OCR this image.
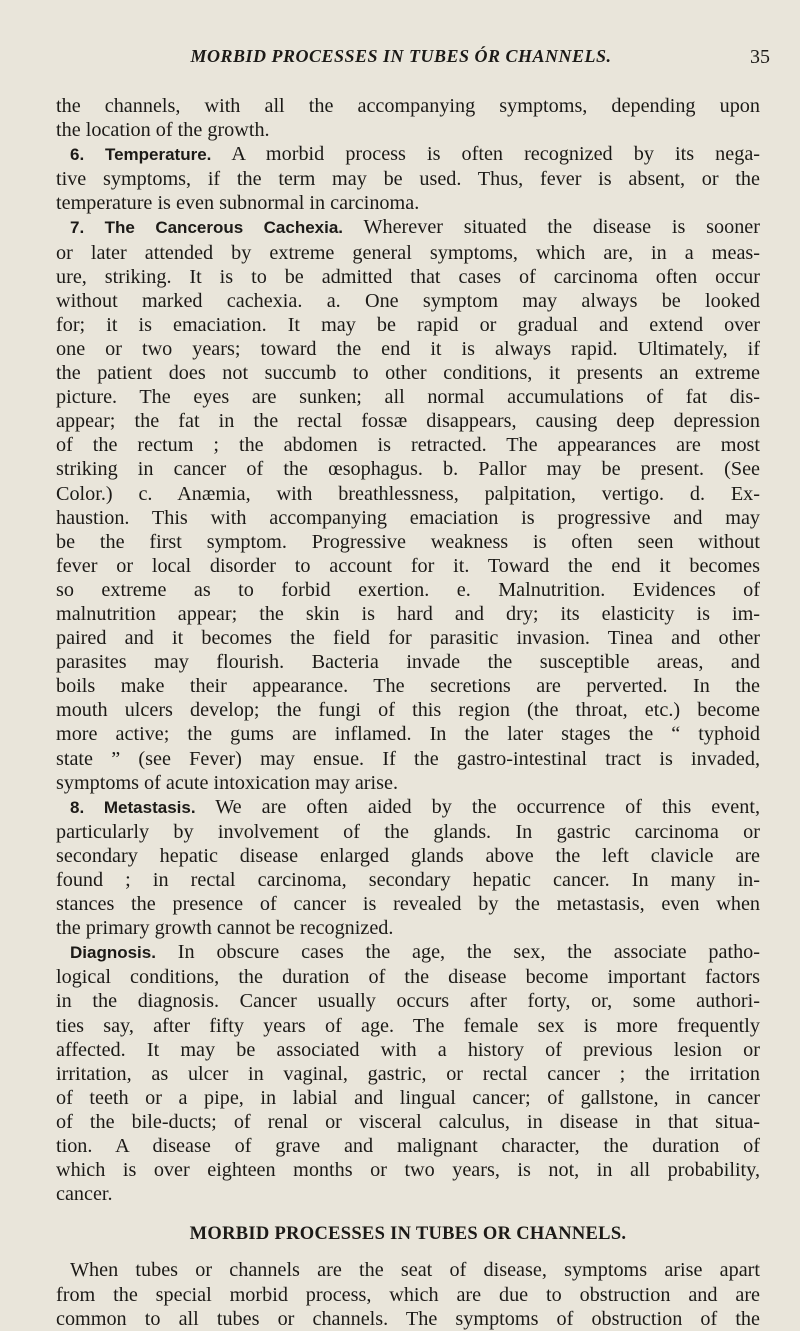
MORBID PROCESSES IN TUBES ÓR CHANNELS.	35
the channels, with all the accompanying symptoms, depending upon
the location of the growth.
6. Temperature. A morbid process is often recognized by its nega-
tive symptoms, if the term may be used. Thus, fever is absent, or the
temperature is even subnormal in carcinoma.
7. The Cancerous Cachexia. Wherever situated the disease is sooner
or later attended by extreme general symptoms, which are, in a meas-
ure, striking. It is to be admitted that cases of carcinoma often occur
without marked cachexia. a. One symptom may always be looked
for; it is emaciation. It may be rapid or gradual and extend over
one or two years; toward the end it is always rapid. Ultimately, if
the patient does not succumb to other conditions, it presents an extreme
picture. The eyes are sunken; all normal accumulations of fat dis-
appear; the fat in the rectal fossæ disappears, causing deep depression
of the rectum ; the abdomen is retracted. The appearances are most
striking in cancer of the œsophagus. b. Pallor may be present. (See
Color.) c. Anæmia, with breathlessness, palpitation, vertigo. d. Ex-
haustion. This with accompanying emaciation is progressive and may
be the first symptom. Progressive weakness is often seen without
fever or local disorder to account for it. Toward the end it becomes
so extreme as to forbid exertion. e. Malnutrition. Evidences of
malnutrition appear; the skin is hard and dry; its elasticity is im-
paired and it becomes the field for parasitic invasion. Tinea and other
parasites may flourish. Bacteria invade the susceptible areas, and
boils make their appearance. The secretions are perverted. In the
mouth ulcers develop; the fungi of this region (the throat, etc.) become
more active; the gums are inflamed. In the later stages the “ typhoid
state ” (see Fever) may ensue. If the gastro-intestinal tract is invaded,
symptoms of acute intoxication may arise.
8. Metastasis. We are often aided by the occurrence of this event,
particularly by involvement of the glands. In gastric carcinoma or
secondary hepatic disease enlarged glands above the left clavicle are
found ; in rectal carcinoma, secondary hepatic cancer. In many in-
stances the presence of cancer is revealed by the metastasis, even when
the primary growth cannot be recognized.
Diagnosis. In obscure cases the age, the sex, the associate patho-
logical conditions, the duration of the disease become important factors
in the diagnosis. Cancer usually occurs after forty, or, some authori-
ties say, after fifty years of age. The female sex is more frequently
affected. It may be associated with a history of previous lesion or
irritation, as ulcer in vaginal, gastric, or rectal cancer ; the irritation
of teeth or a pipe, in labial and lingual cancer; of gallstone, in cancer
of the bile-ducts; of renal or visceral calculus, in disease in that situa-
tion. A disease of grave and malignant character, the duration of
which is over eighteen months or two years, is not, in all probability,
cancer.
MORBID PROCESSES IN TUBES OR CHANNELS.
When tubes or channels are the seat of disease, symptoms arise apart
from the special morbid process, which are due to obstruction and are
common to all tubes or channels. The symptoms of obstruction of the
